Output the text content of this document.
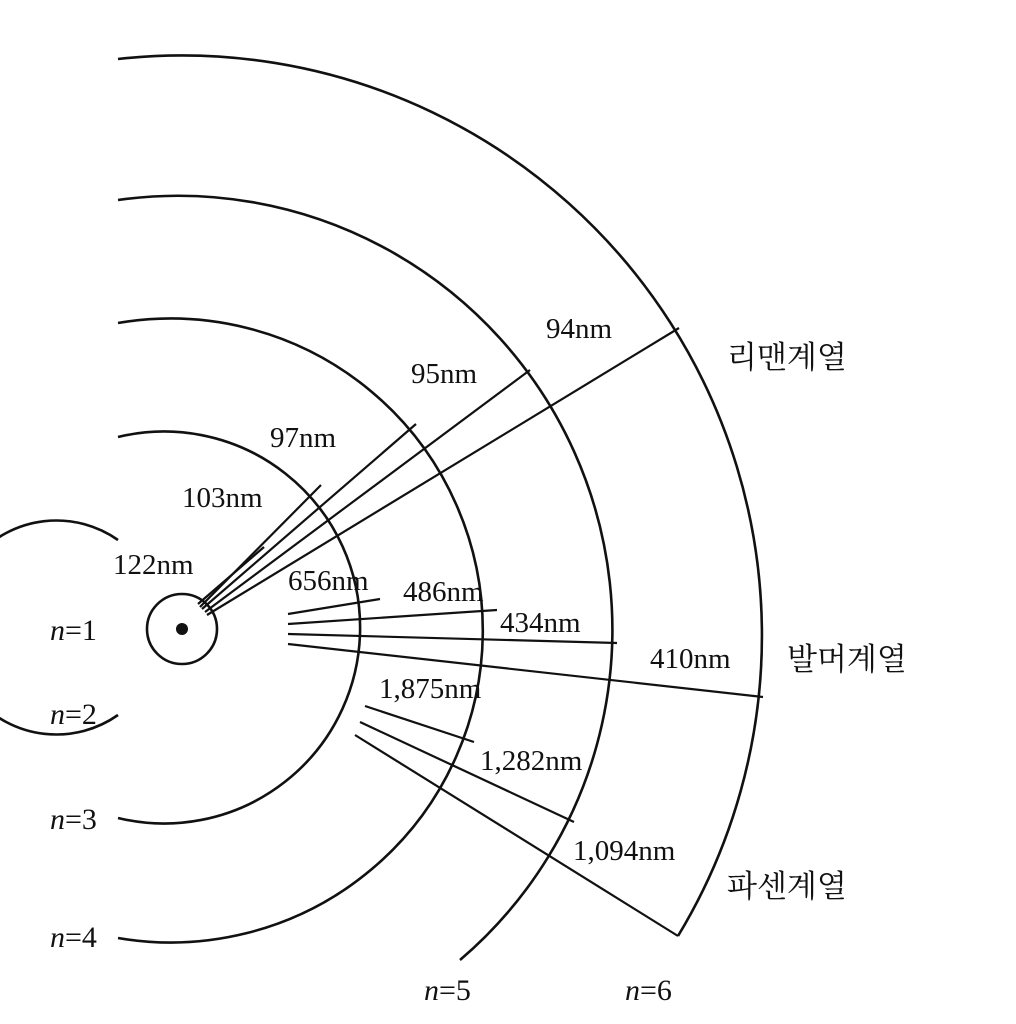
122nm
103nm
97nm
95nm
94nm
656nm 486nm
434nm
410nm
1,875nm
1,282nm
1,094nm
리맨계열
발머계열
파센계열
n=1
n=2
n=3
n=4
n=5	n=6
